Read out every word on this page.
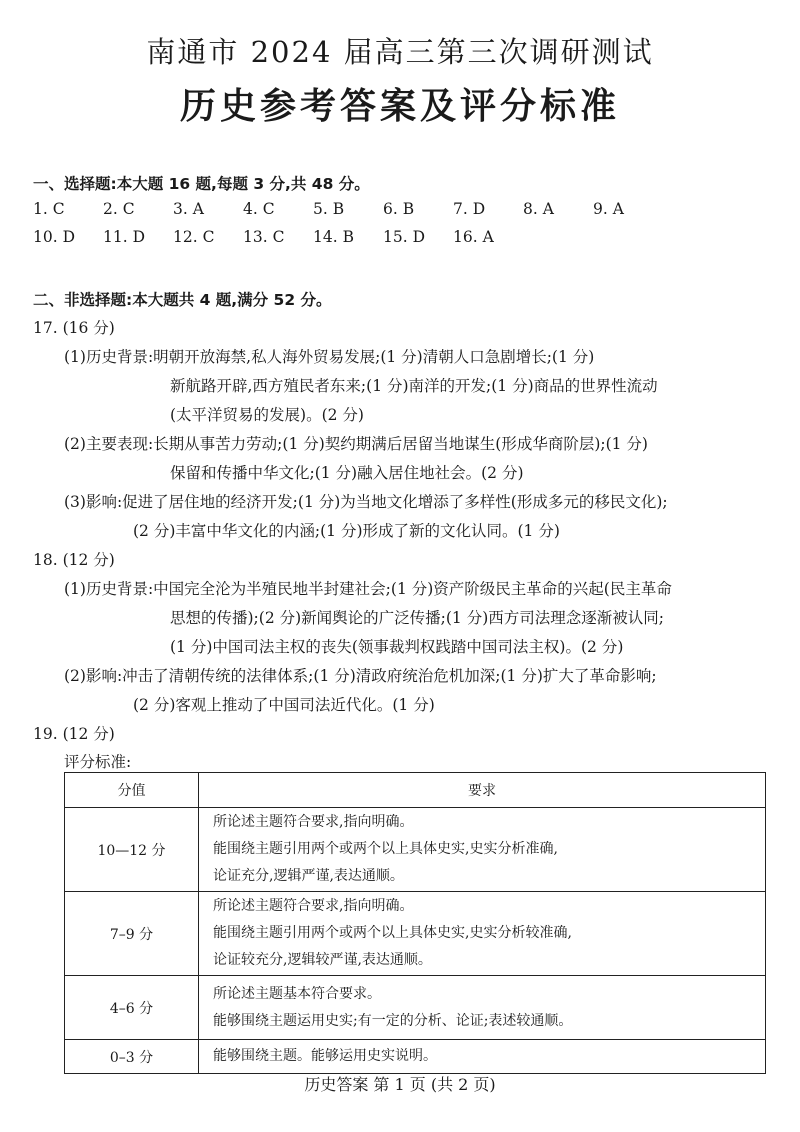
南通市 2024 届高三第三次调研测试
历史参考答案及评分标准
一、选择题:本大题 16 题,每题 3 分,共 48 分。
1. C 2. C 3. A	4. C 5. B	6. B	7. D 8. A	9. A
10. D 11. D 12. C 13. C 14. B 15. D 16. A
二、非选择题:本大题共 4 题,满分 52 分。
17. (16 分)
(1)历史背景:明朝开放海禁,私人海外贸易发展;(1 分)清朝人口急剧增长;(1 分)
新航路开辟,西方殖民者东来;(1 分)南洋的开发;(1 分)商品的世界性流动
(太平洋贸易的发展)。(2 分)
(2)主要表现:长期从事苦力劳动;(1 分)契约期满后居留当地谋生(形成华商阶层);(1 分)
保留和传播中华文化;(1 分)融入居住地社会。(2 分)
(3)影响:促进了居住地的经济开发;(1 分)为当地文化增添了多样性(形成多元的移民文化);
(2 分)丰富中华文化的内涵;(1 分)形成了新的文化认同。(1 分)
18. (12 分)
(1)历史背景:中国完全沦为半殖民地半封建社会;(1 分)资产阶级民主革命的兴起(民主革命
思想的传播);(2 分)新闻舆论的广泛传播;(1 分)西方司法理念逐渐被认同;
(1 分)中国司法主权的丧失(领事裁判权践踏中国司法主权)。(2 分)
(2)影响:冲击了清朝传统的法律体系;(1 分)清政府统治危机加深;(1 分)扩大了革命影响;
(2 分)客观上推动了中国司法近代化。(1 分)
19. (12 分)
评分标准:
分值	要求
10—12 分	所论述主题符合要求,指向明确。
能围绕主题引用两个或两个以上具体史实,史实分析准确,
论证充分,逻辑严谨,表达通顺。

7–9 分	所论述主题符合要求,指向明确。
能围绕主题引用两个或两个以上具体史实,史实分析较准确,
论证较充分,逻辑较严谨,表达通顺。

4–6 分	所论述主题基本符合要求。
能够围绕主题运用史实;有一定的分析、论证;表述较通顺。

0–3 分	能够围绕主题。能够运用史实说明。
历史答案 第 1 页 (共 2 页)
